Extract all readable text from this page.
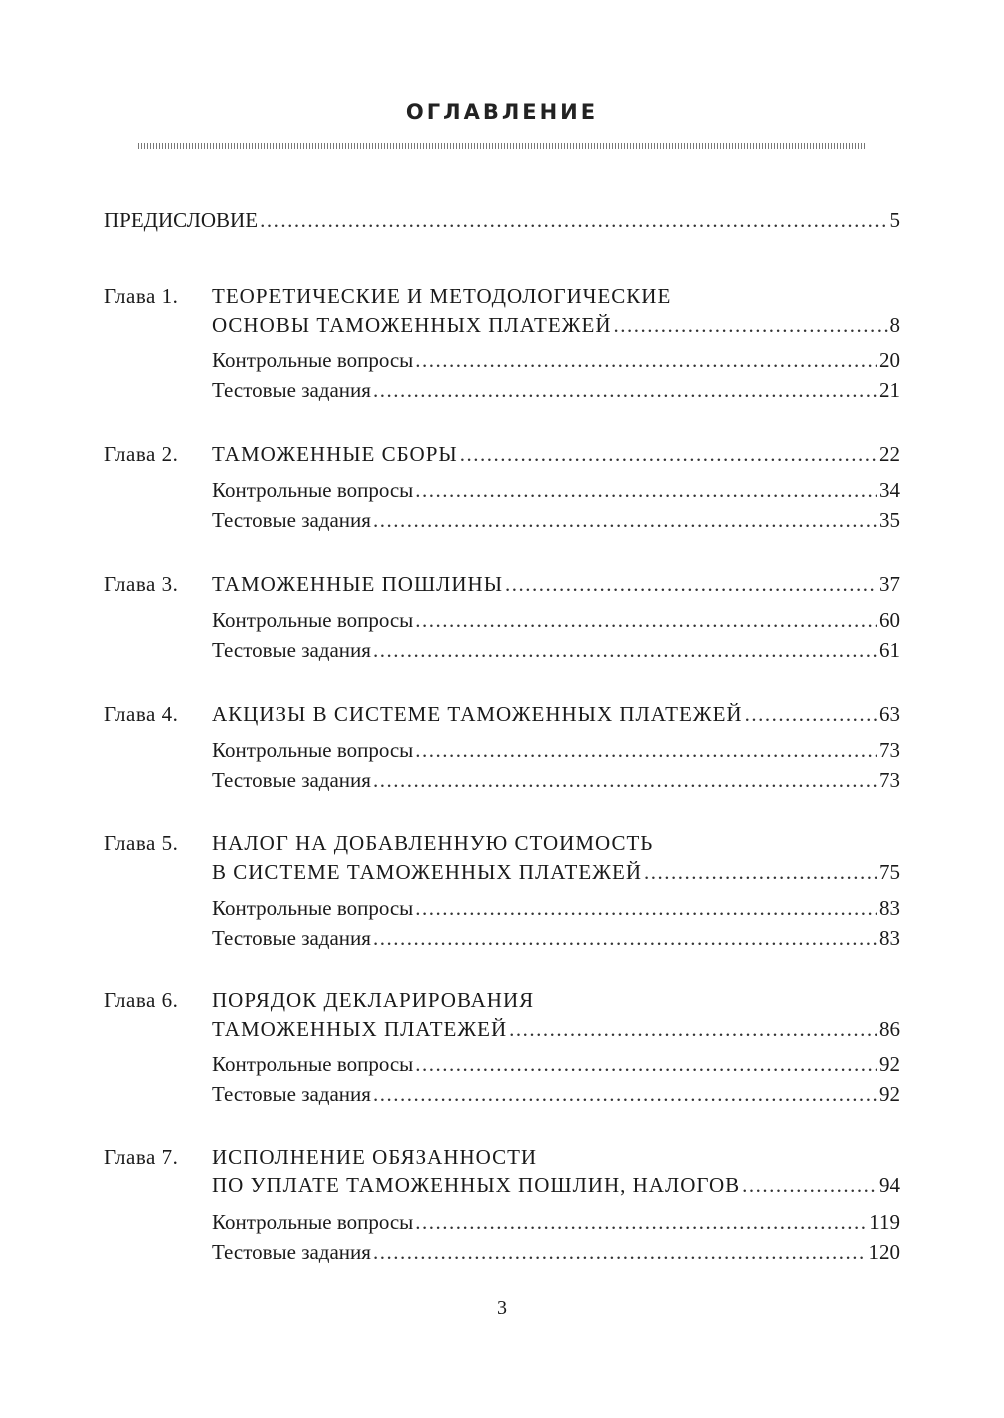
ОГЛАВЛЕНИЕ
ПРЕДИСЛОВИЕ .....	5
Глава 1.	ТЕОРЕТИЧЕСКИЕ И МЕТОДОЛОГИЧЕСКИЕ
ОСНОВЫ ТАМОЖЕННЫХ ПЛАТЕЖЕЙ .....	8
Контрольные вопросы .....	20
Тестовые задания .....	21
Глава 2.	ТАМОЖЕННЫЕ СБОРЫ .....	22
Контрольные вопросы .....	34
Тестовые задания .....	35
Глава 3.	ТАМОЖЕННЫЕ ПОШЛИНЫ .....	37
Контрольные вопросы .....	60
Тестовые задания .....	61
Глава 4.	АКЦИЗЫ В СИСТЕМЕ ТАМОЖЕННЫХ ПЛАТЕЖЕЙ .....	63
Контрольные вопросы .....	73
Тестовые задания .....	73
Глава 5.	НАЛОГ НА ДОБАВЛЕННУЮ СТОИМОСТЬ
В СИСТЕМЕ ТАМОЖЕННЫХ ПЛАТЕЖЕЙ .....	75
Контрольные вопросы .....	83
Тестовые задания .....	83
Глава 6.	ПОРЯДОК ДЕКЛАРИРОВАНИЯ
ТАМОЖЕННЫХ ПЛАТЕЖЕЙ .....	86
Контрольные вопросы .....	92
Тестовые задания .....	92
Глава 7.	ИСПОЛНЕНИЕ ОБЯЗАННОСТИ
ПО УПЛАТЕ ТАМОЖЕННЫХ ПОШЛИН, НАЛОГОВ .....	94
Контрольные вопросы .....	119
Тестовые задания .....	120
3
